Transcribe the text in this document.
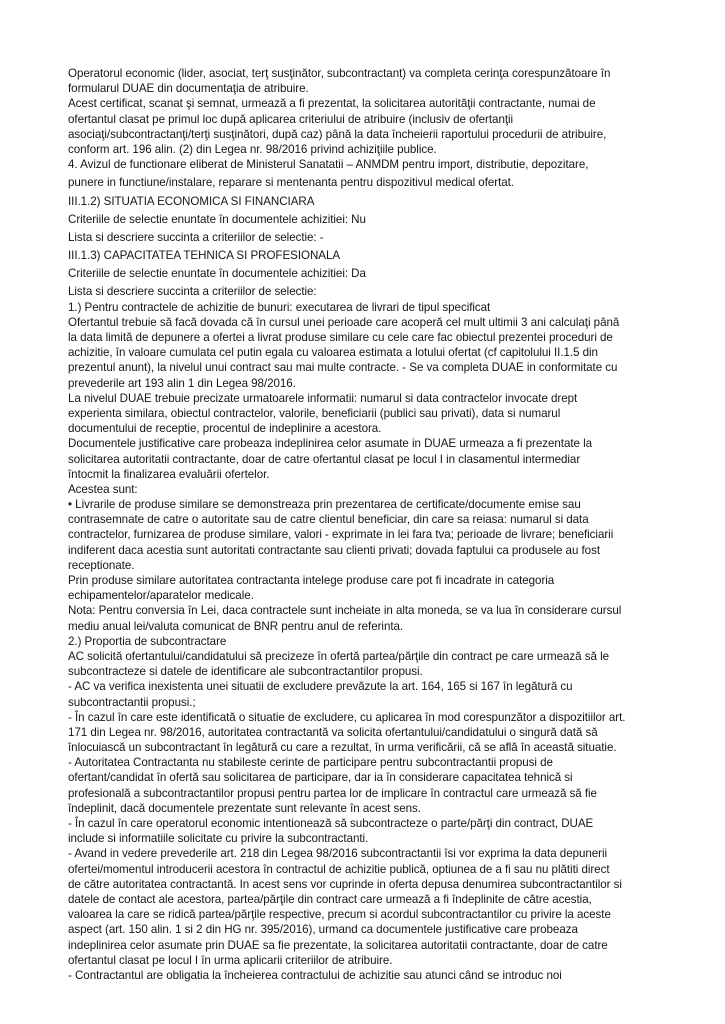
Operatorul economic (lider, asociat, terţ susţinător, subcontractant) va completa cerinţa corespunzătoare în
formularul DUAE din documentaţia de atribuire.
Acest certificat, scanat şi semnat, urmează a fi prezentat, la solicitarea autorităţii contractante, numai de
ofertantul clasat pe primul loc după aplicarea criteriului de atribuire (inclusiv de ofertanţii
asociaţi/subcontractanţi/terţi susţinători, după caz) până la data încheierii raportului procedurii de atribuire,
conform art. 196 alin. (2) din Legea nr. 98/2016 privind achiziţiile publice.
4. Avizul de functionare eliberat de Ministerul Sanatatii – ANMDM pentru import, distributie, depozitare,
punere in functiune/instalare, reparare si mentenanta pentru dispozitivul medical ofertat.
III.1.2) SITUATIA ECONOMICA SI FINANCIARA
Criteriile de selectie enuntate în documentele achizitiei: Nu
Lista si descriere succinta a criteriilor de selectie: -
III.1.3) CAPACITATEA TEHNICA SI PROFESIONALA
Criteriile de selectie enuntate în documentele achizitiei: Da
Lista si descriere succinta a criteriilor de selectie:
1.) Pentru contractele de achizitie de bunuri: executarea de livrari de tipul specificat
Ofertantul trebuie să facă dovada că în cursul unei perioade care acoperă cel mult ultimii 3 ani calculaţi până
la data limită de depunere a ofertei a livrat produse similare cu cele care fac obiectul prezentei proceduri de
achizitie, în valoare cumulata cel putin egala cu valoarea estimata a lotului ofertat (cf capitolului II.1.5 din
prezentul anunt), la nivelul unui contract sau mai multe contracte. - Se va completa DUAE in conformitate cu
prevederile art 193 alin 1 din Legea 98/2016.
La nivelul DUAE trebuie precizate urmatoarele informatii: numarul si data contractelor invocate drept
experienta similara, obiectul contractelor, valorile, beneficiarii (publici sau privati), data si numarul
documentului de receptie, procentul de indeplinire a acestora.
Documentele justificative care probeaza indeplinirea celor asumate in DUAE urmeaza a fi prezentate la
solicitarea autoritatii contractante, doar de catre ofertantul clasat pe locul I in clasamentul intermediar
întocmit la finalizarea evaluării ofertelor.
Acestea sunt:
• Livrarile de produse similare se demonstreaza prin prezentarea de certificate/documente emise sau
contrasemnate de catre o autoritate sau de catre clientul beneficiar, din care sa reiasa: numarul si data
contractelor, furnizarea de produse similare, valori - exprimate in lei fara tva; perioade de livrare; beneficiarii
indiferent daca acestia sunt autoritati contractante sau clienti privati; dovada faptului ca produsele au fost
receptionate.
Prin produse similare autoritatea contractanta intelege produse care pot fi incadrate in categoria
echipamentelor/aparatelor medicale.
Nota: Pentru conversia în Lei, daca contractele sunt incheiate in alta moneda, se va lua în considerare cursul
mediu anual lei/valuta comunicat de BNR pentru anul de referinta.
2.) Proportia de subcontractare
AC solicită ofertantului/candidatului să precizeze în ofertă partea/părţile din contract pe care urmează să le
subcontracteze si datele de identificare ale subcontractantilor propusi.
- AC va verifica inexistenta unei situatii de excludere prevăzute la art. 164, 165 si 167 în legătură cu
subcontractantii propusi.;
- În cazul în care este identificată o situatie de excludere, cu aplicarea în mod corespunzător a dispozitiilor art.
171 din Legea nr. 98/2016, autoritatea contractantă va solicita ofertantului/candidatului o singură dată să
înlocuiască un subcontractant în legătură cu care a rezultat, în urma verificării, că se află în această situatie.
- Autoritatea Contractanta nu stabileste cerinte de participare pentru subcontractantii propusi de
ofertant/candidat în ofertă sau solicitarea de participare, dar ia în considerare capacitatea tehnică si
profesională a subcontractantilor propusi pentru partea lor de implicare în contractul care urmează să fie
îndeplinit, dacă documentele prezentate sunt relevante în acest sens.
- În cazul în care operatorul economic intentionează să subcontracteze o parte/părţi din contract, DUAE
include si informatiile solicitate cu privire la subcontractanti.
- Avand in vedere prevederile art. 218 din Legea 98/2016 subcontractantii îsi vor exprima la data depunerii
ofertei/momentul introducerii acestora în contractul de achizitie publică, optiunea de a fi sau nu plătiti direct
de către autoritatea contractantă. In acest sens vor cuprinde in oferta depusa denumirea subcontractantilor si
datele de contact ale acestora, partea/părţile din contract care urmează a fi îndeplinite de către acestia,
valoarea la care se ridică partea/părţile respective, precum si acordul subcontractantilor cu privire la aceste
aspect (art. 150 alin. 1 si 2 din HG nr. 395/2016), urmand ca documentele justificative care probeaza
indeplinirea celor asumate prin DUAE sa fie prezentate, la solicitarea autoritatii contractante, doar de catre
ofertantul clasat pe locul I în urma aplicarii criteriilor de atribuire.
- Contractantul are obligatia la încheierea contractului de achizitie sau atunci când se introduc noi
